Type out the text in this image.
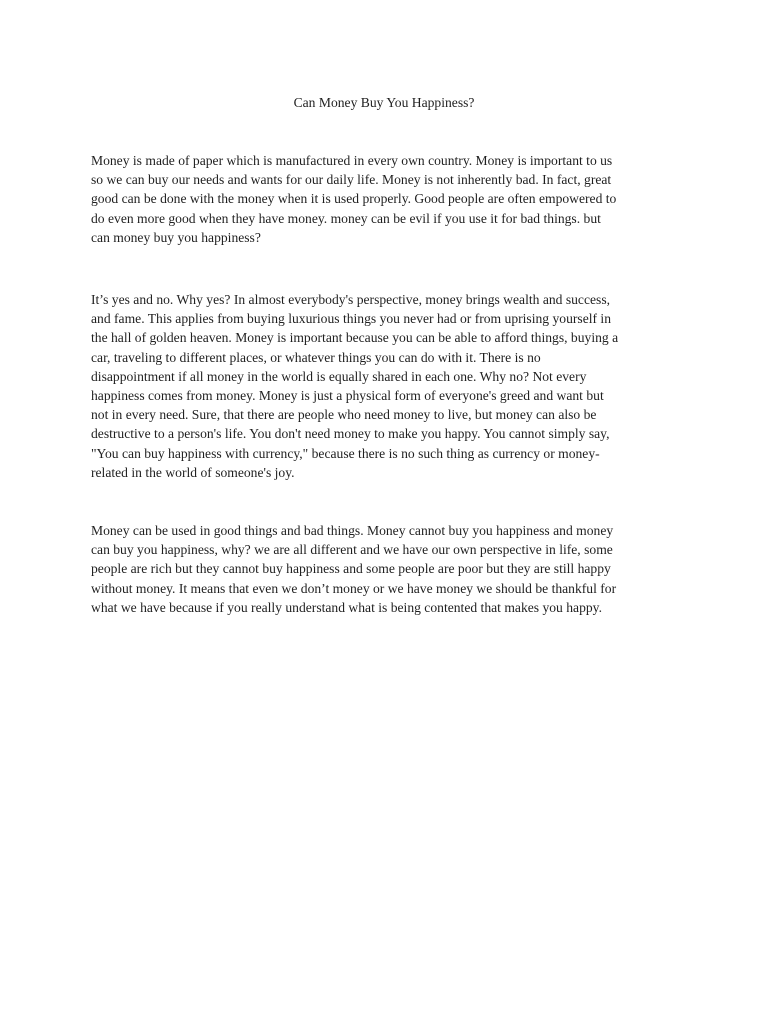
Can Money Buy You Happiness?

Money is made of paper which is manufactured in every own country. Money is important to us
so we can buy our needs and wants for our daily life. Money is not inherently bad. In fact, great
good can be done with the money when it is used properly. Good people are often empowered to
do even more good when they have money. money can be evil if you use it for bad things. but
can money buy you happiness?

It’s yes and no. Why yes? In almost everybody's perspective, money brings wealth and success,
and fame. This applies from buying luxurious things you never had or from uprising yourself in
the hall of golden heaven. Money is important because you can be able to afford things, buying a
car, traveling to different places, or whatever things you can do with it. There is no
disappointment if all money in the world is equally shared in each one. Why no? Not every
happiness comes from money. Money is just a physical form of everyone's greed and want but
not in every need. Sure, that there are people who need money to live, but money can also be
destructive to a person's life. You don't need money to make you happy. You cannot simply say,
"You can buy happiness with currency," because there is no such thing as currency or money-
related in the world of someone's joy.

Money can be used in good things and bad things. Money cannot buy you happiness and money
can buy you happiness, why? we are all different and we have our own perspective in life, some
people are rich but they cannot buy happiness and some people are poor but they are still happy
without money. It means that even we don’t money or we have money we should be thankful for
what we have because if you really understand what is being contented that makes you happy.
